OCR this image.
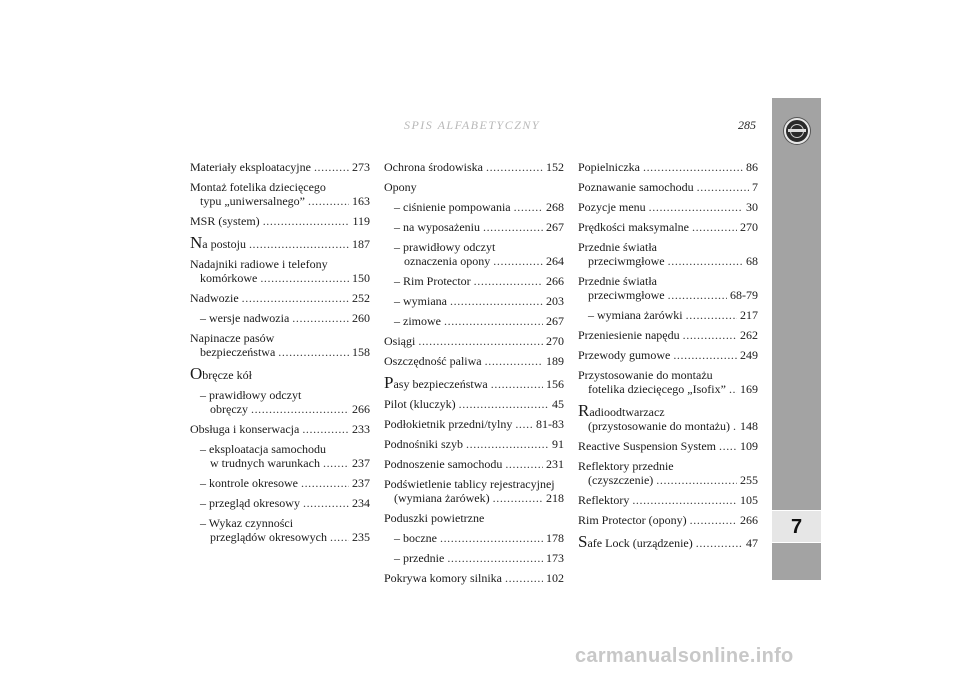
SPIS ALFABETYCZNY	285
7
Materiały eksploatacyjne . . .	273
Montaż fotelika dziecięcego
typu „uniwersalnego” . . .	163
MSR (system) . . .	119
Na postoju . . .	187
Nadajniki radiowe i telefony
komórkowe . . .	150
Nadwozie . . .	252
– wersje nadwozia . . .	260
Napinacze pasów
bezpieczeństwa . . .	158
Obręcze kół
– prawidłowy odczyt
obręczy . . .	266
Obsługa i konserwacja . . .	233
– eksploatacja samochodu
w trudnych warunkach . . .	237
– kontrole okresowe . . .	237
– przegląd okresowy . . .	234
– Wykaz czynności
przeglądów okresowych . . . 235
Ochrona środowiska . . .	152
Opony
– ciśnienie pompowania . . .	268
– na wyposażeniu . . .	267
– prawidłowy odczyt
oznaczenia opony . . .	264
– Rim Protector . . .	266
– wymiana . . .	203
– zimowe . . .	267
Osiągi . . .	270
Oszczędność paliwa . . .	189
Pasy bezpieczeństwa . . .	156
Pilot (kluczyk) . . .	45
Podłokietnik przedni/tylny . . . 81-83
Podnośniki szyb . . .	91
Podnoszenie samochodu . . .	231
Podświetlenie tablicy rejestracyjnej
(wymiana żarówek) . . .	218
Poduszki powietrzne
– boczne . . .	178
– przednie . . .	173
Pokrywa komory silnika . . .	102
Popielniczka . . .	86
Poznawanie samochodu . . .	7
Pozycje menu . . .	30
Prędkości maksymalne . . .	270
Przednie światła
przeciwmgłowe . . .	68
Przednie światła
przeciwmgłowe . . .	68-79
– wymiana żarówki . . .	217
Przeniesienie napędu . . .	262
Przewody gumowe . . .	249
Przystosowanie do montażu
fotelika dziecięcego „Isofix” . . . 169
Radioodtwarzacz
(przystosowanie do montażu) . . . 148
Reactive Suspension System . . . 109
Reflektory przednie
(czyszczenie) . . .	255
Reflektory . . .	105
Rim Protector (opony) . . .	266
Safe Lock (urządzenie) . . .	47
carmanualsonline.info
